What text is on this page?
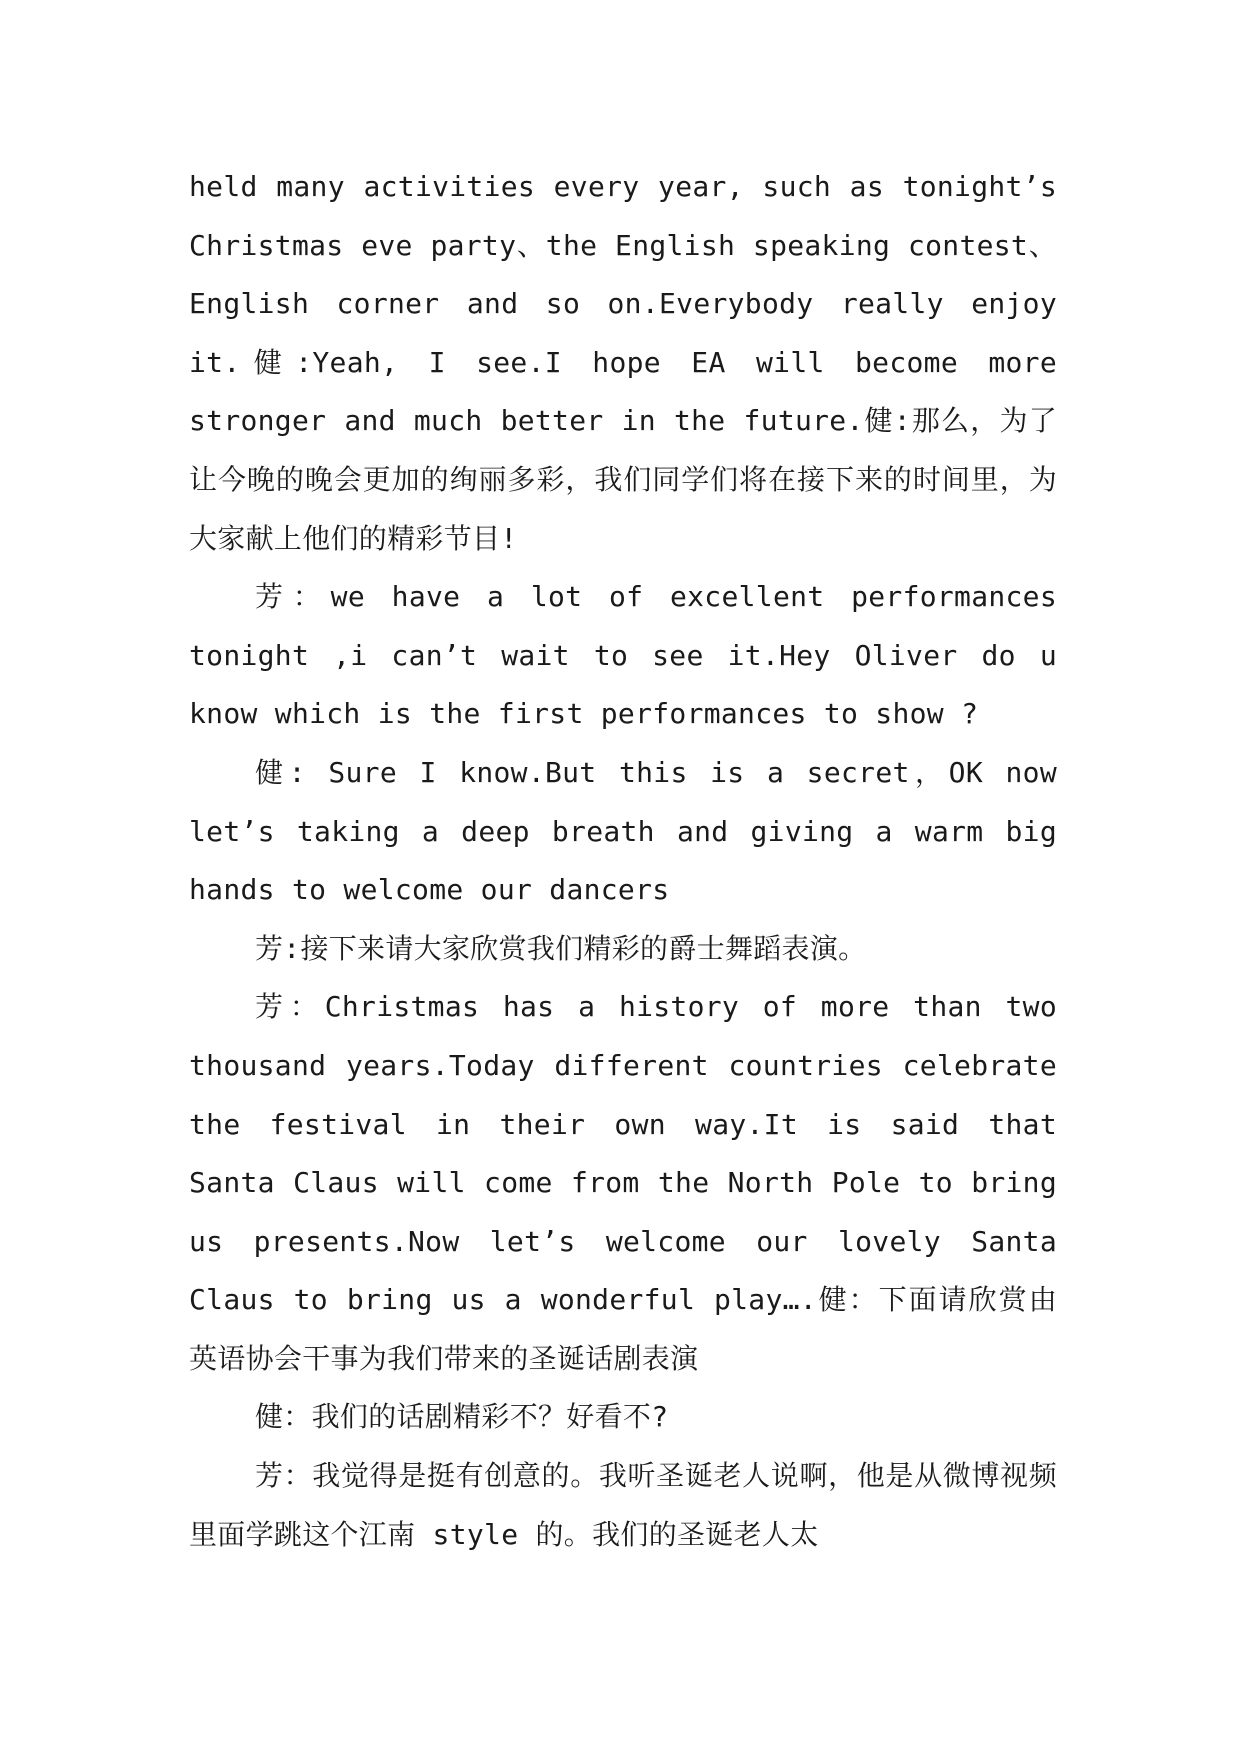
held many activities every year, such as tonight’s Christmas eve party、the English speaking contest、English corner and so on.Everybody really enjoy it.健:Yeah, I see.I hope EA will become more stronger and much better in the future.健:那么，为了让今晚的晚会更加的绚丽多彩，我们同学们将在接下来的时间里，为大家献上他们的精彩节目!

芳：we have a lot of excellent performances tonight ,i can’t wait to see it.Hey Oliver do u know which is the first performances to show ?

健: Sure I know.But this is a secret，OK now let’s taking a deep breath and giving a warm big hands to welcome our dancers

芳:接下来请大家欣赏我们精彩的爵士舞蹈表演。

芳：Christmas has a history of more than two thousand years.Today different countries celebrate the festival in their own way.It is said that Santa Claus will come from the North Pole to bring us presents.Now let’s welcome our lovely Santa Claus to bring us a wonderful play….健：下面请欣赏由英语协会干事为我们带来的圣诞话剧表演

健：我们的话剧精彩不？好看不?

芳：我觉得是挺有创意的。我听圣诞老人说啊，他是从微博视频里面学跳这个江南 style 的。我们的圣诞老人太
